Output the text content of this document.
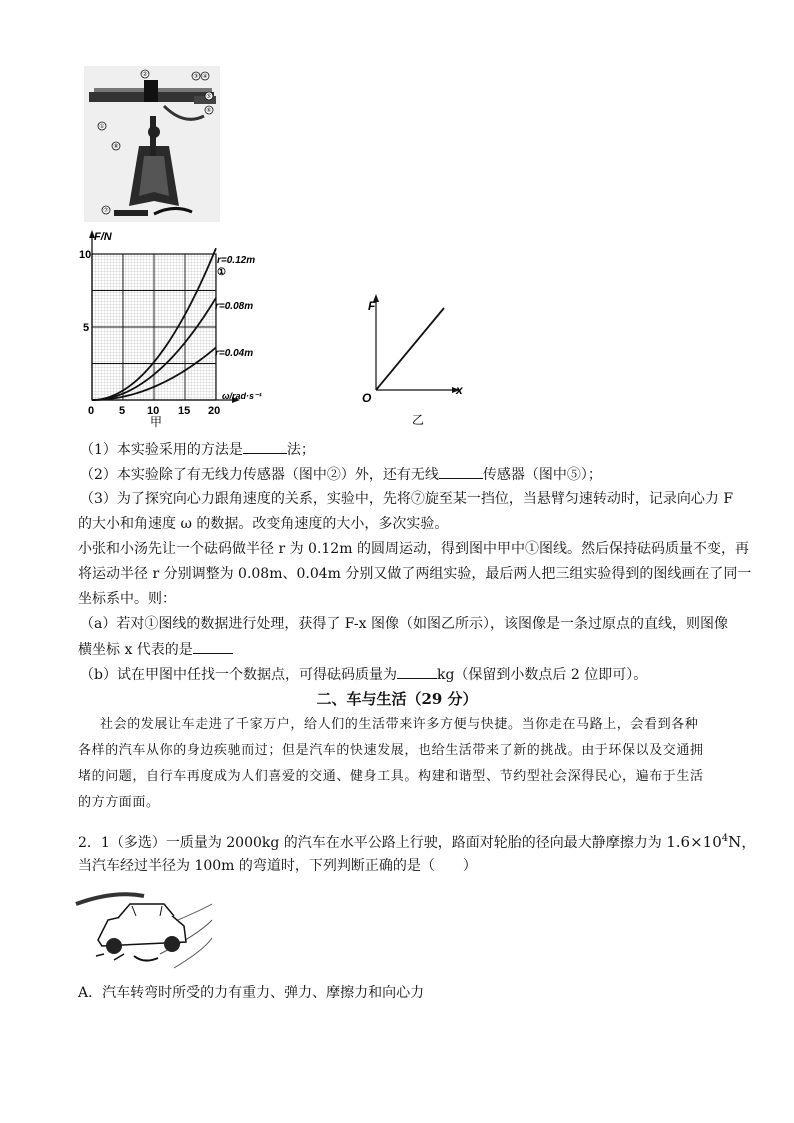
②	③ ④
⑤
⑥
①
⑧
⑦
F/N
ω/rad·s⁻¹
10
5
0 5 10 15 20
r=0.12m
①
r=0.08m
r=0.04m
甲
F
x
O
乙
（1）本实验采用的方法是	法；
（2）本实验除了有无线力传感器（图中②）外，还有无线	传感器（图中⑤）；
（3）为了探究向心力跟角速度的关系，实验中，先将⑦旋至某一挡位，当悬臂匀速转动时，记录向心力 F
的大小和角速度 ω 的数据。改变角速度的大小，多次实验。
小张和小汤先让一个砝码做半径 r 为 0.12m 的圆周运动，得到图中甲中①图线。然后保持砝码质量不变，再
将运动半径 r 分别调整为 0.08m、0.04m 分别又做了两组实验，最后两人把三组实验得到的图线画在了同一
坐标系中。则：
（a）若对①图线的数据进行处理，获得了 F-x 图像（如图乙所示），该图像是一条过原点的直线，则图像
横坐标 x 代表的是
（b）试在甲图中任找一个数据点，可得砝码质量为	kg（保留到小数点后 2 位即可）。
二、车与生活（29 分）
社会的发展让车走进了千家万户，给人们的生活带来许多方便与快捷。当你走在马路上，会看到各种
各样的汽车从你的身边疾驰而过；但是汽车的快速发展，也给生活带来了新的挑战。由于环保以及交通拥
堵的问题，自行车再度成为人们喜爱的交通、健身工具。构建和谐型、节约型社会深得民心，遍布于生活
的方方面面。
2．1（多选）一质量为 2000kg 的汽车在水平公路上行驶，路面对轮胎的径向最大静摩擦力为 $1.6\times 10^4N$，
当汽车经过半径为 100m 的弯道时，下列判断正确的是（　　）
A．汽车转弯时所受的力有重力、弹力、摩擦力和向心力
